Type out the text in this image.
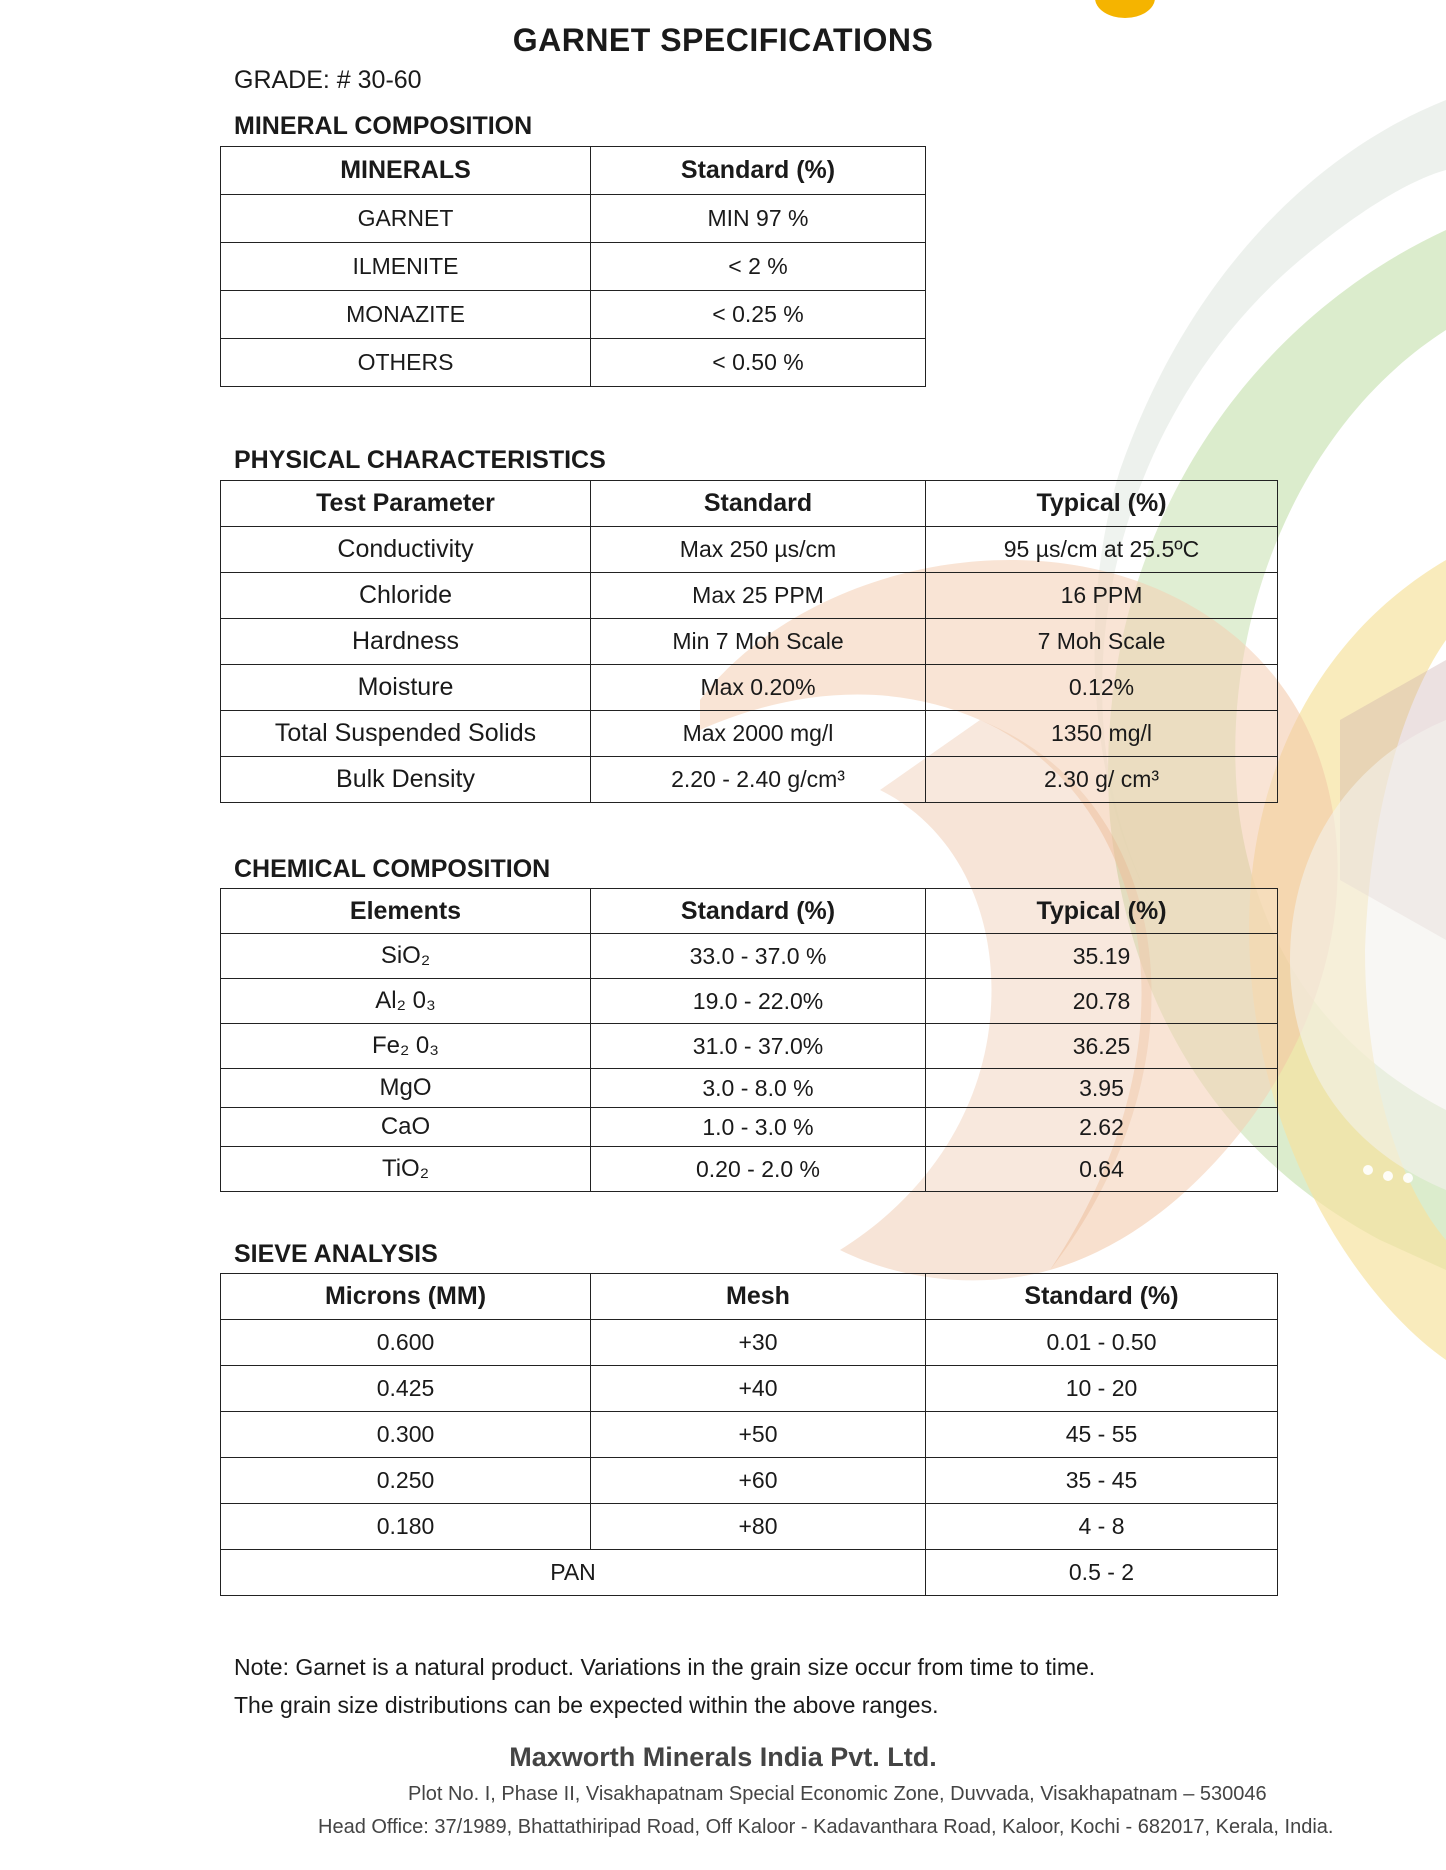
GARNET SPECIFICATIONS
GRADE: # 30-60
MINERAL COMPOSITION
MINERALS	Standard (%)
GARNET	MIN 97 %
ILMENITE	< 2 %
MONAZITE	< 0.25 %
OTHERS	< 0.50 %
PHYSICAL CHARACTERISTICS
Test Parameter	Standard	Typical (%)
Conductivity	Max 250 µs/cm	95 µs/cm at 25.5ºC
Chloride	Max 25 PPM	16 PPM
Hardness	Min 7 Moh Scale	7 Moh Scale
Moisture	Max 0.20%	0.12%
Total Suspended Solids	Max 2000 mg/l	1350 mg/l
Bulk Density	2.20 - 2.40 g/cm³	2.30 g/ cm³
CHEMICAL COMPOSITION
Elements	Standard (%)	Typical (%)
SiO₂	33.0 - 37.0 %	35.19
Al₂ 0₃	19.0 - 22.0%	20.78
Fe₂ 0₃	31.0 - 37.0%	36.25
MgO	3.0 - 8.0 %	3.95
CaO	1.0 - 3.0 %	2.62
TiO₂	0.20 - 2.0 %	0.64
SIEVE ANALYSIS
Microns (MM)	Mesh	Standard (%)
0.600	+30	0.01 - 0.50
0.425	+40	10 - 20
0.300	+50	45 - 55
0.250	+60	35 - 45
0.180	+80	4 - 8
PAN		0.5 - 2
Note: Garnet is a natural product. Variations in the grain size occur from time to time.
The grain size distributions can be expected within the above ranges.
Maxworth Minerals India Pvt. Ltd.
Plot No. I, Phase II, Visakhapatnam Special Economic Zone, Duvvada, Visakhapatnam – 530046
Head Office: 37/1989, Bhattathiripad Road, Off Kaloor - Kadavanthara Road, Kaloor, Kochi - 682017, Kerala, India.
